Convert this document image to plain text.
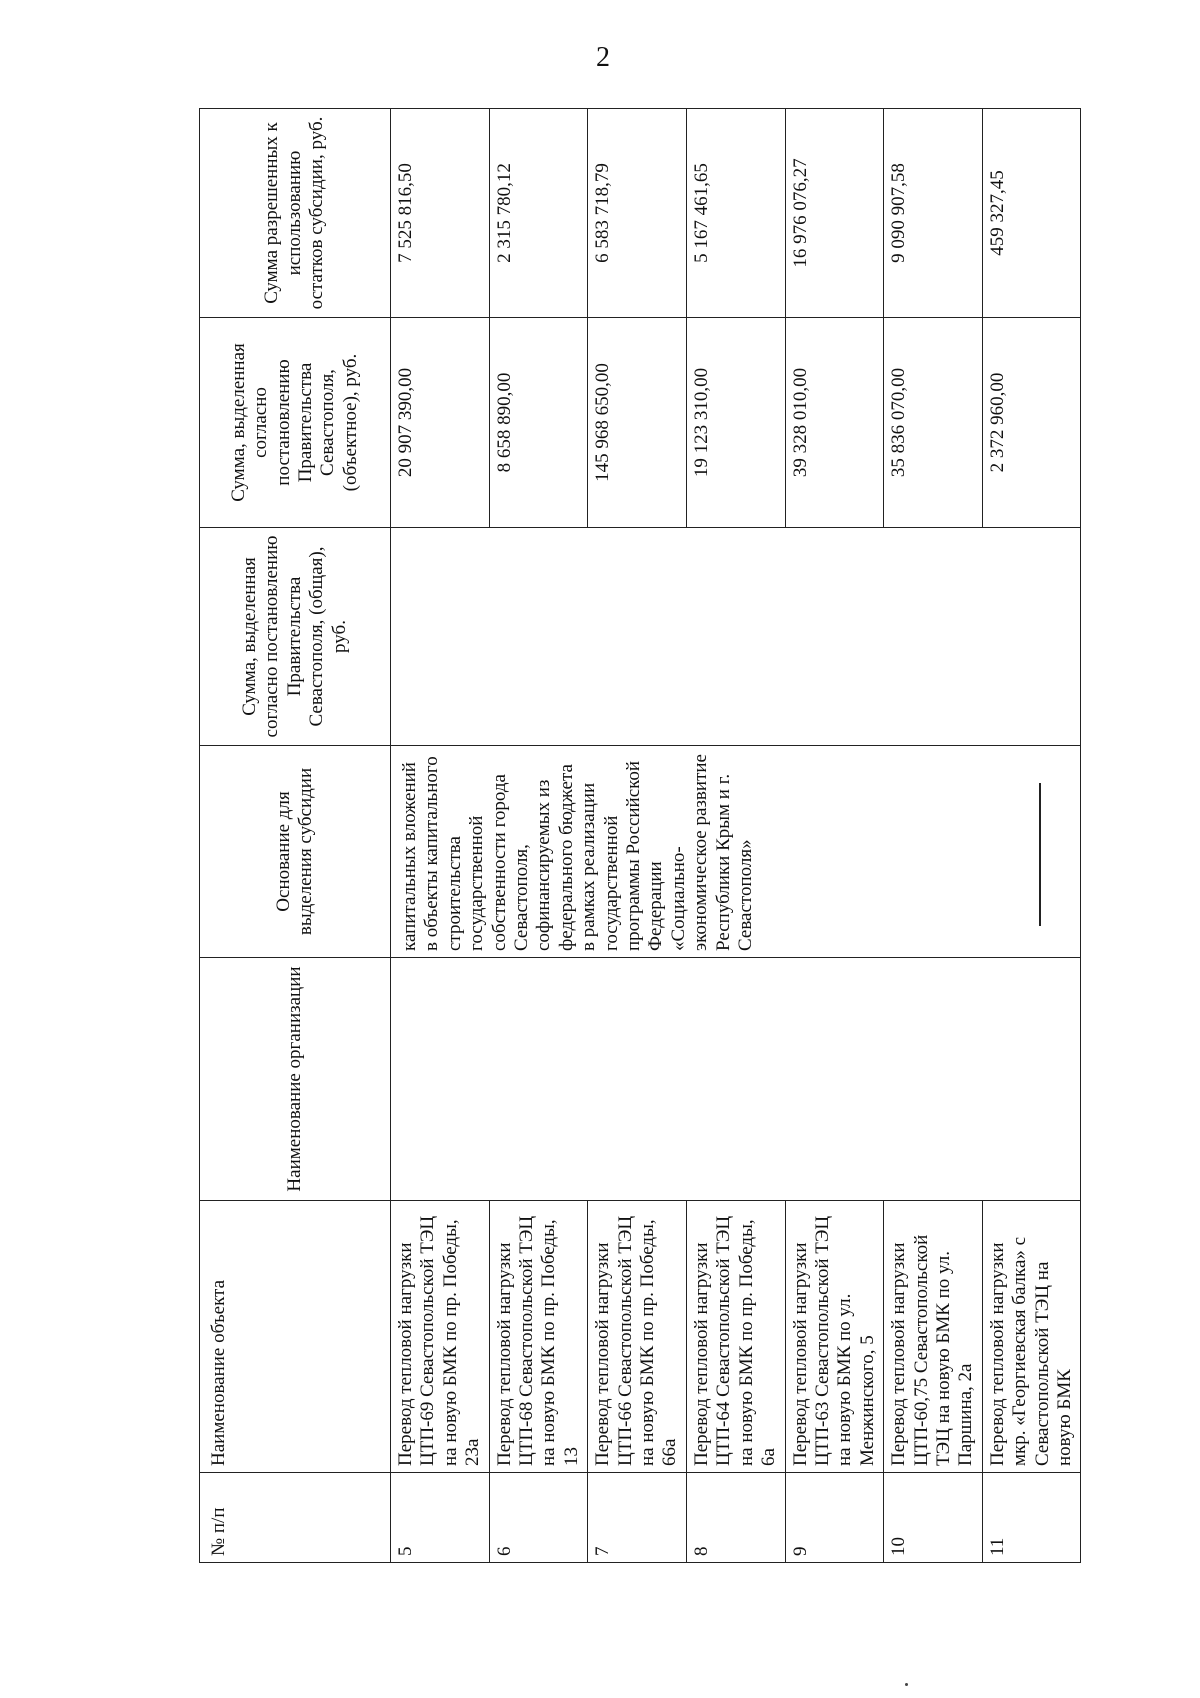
2
№ п/п	Наименование объекта	Наименование организации	Основание для выделения субсидии	Сумма, выделенная согласно постановлению Правительства Севастополя, (общая), руб.	Сумма, выделенная согласно постановлению Правительства Севастополя, (объектное), руб.	Сумма разрешенных к использованию остатков субсидии, руб.
5	Перевод тепловой нагрузки ЦТП-69 Севастопольской ТЭЦ на новую БМК по пр. Победы, 23а		капитальных вложений в объекты капитального строительства государственной собственности города Севастополя, софинансируемых из федерального бюджета в рамках реализации государственной программы Российской Федерации «Социально-экономическое развитие Республики Крым и г. Севастополя»		20 907 390,00	7 525 816,50
6	Перевод тепловой нагрузки ЦТП-68 Севастопольской ТЭЦ на новую БМК по пр. Победы, 13				8 658 890,00	2 315 780,12
7	Перевод тепловой нагрузки ЦТП-66 Севастопольской ТЭЦ на новую БМК по пр. Победы, 66а				145 968 650,00	6 583 718,79
8	Перевод тепловой нагрузки ЦТП-64 Севастопольской ТЭЦ на новую БМК по пр. Победы, 6а				19 123 310,00	5 167 461,65
9	Перевод тепловой нагрузки ЦТП-63 Севастопольской ТЭЦ на новую БМК по ул. Менжинского, 5				39 328 010,00	16 976 076,27
10	Перевод тепловой нагрузки ЦТП-60,75 Севастопольской ТЭЦ на новую БМК по ул. Паршина, 2а				35 836 070,00	9 090 907,58
11	Перевод тепловой нагрузки мкр. «Георгиевская балка» с Севастопольской ТЭЦ на новую БМК				2 372 960,00	459 327,45
